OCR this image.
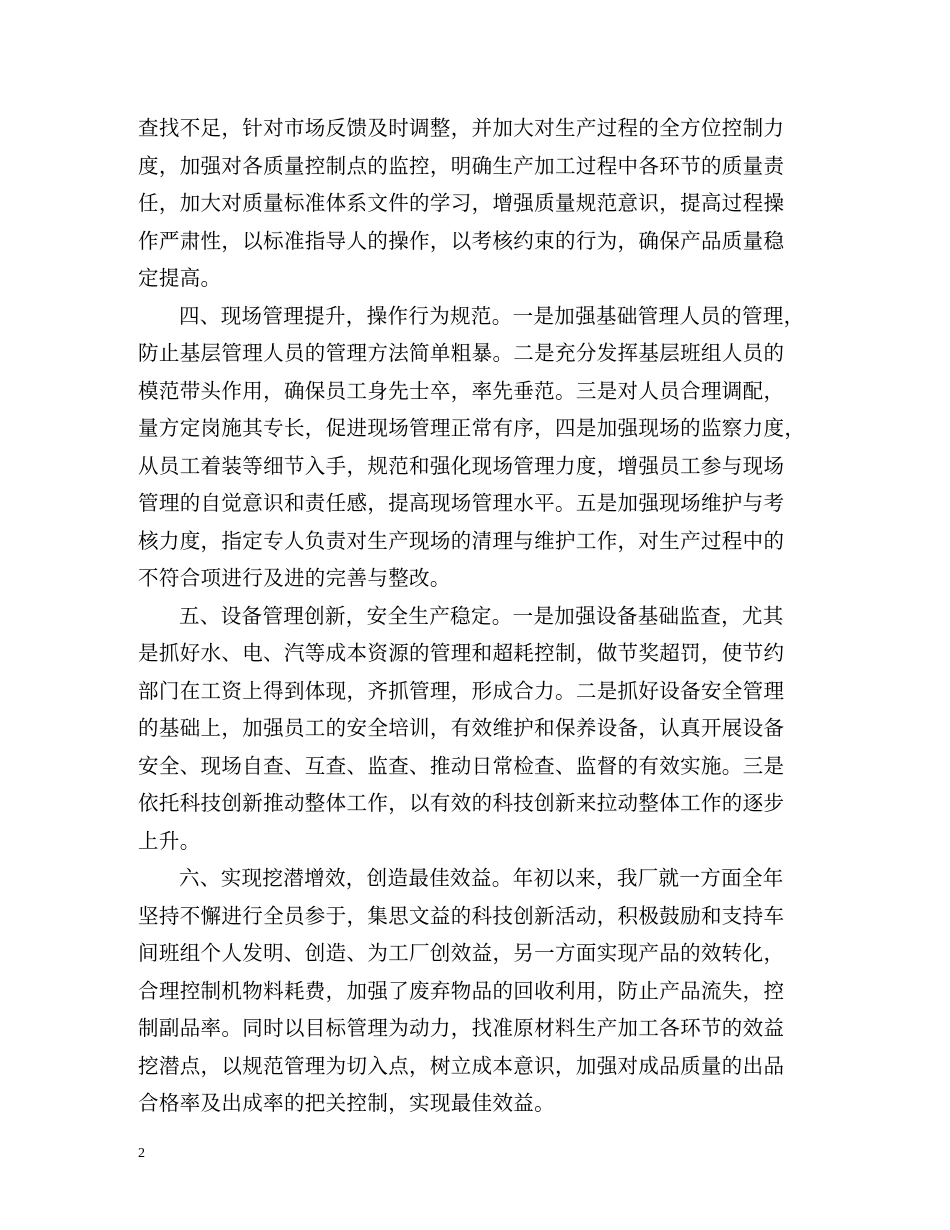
查找不足，针对市场反馈及时调整，并加大对生产过程的全方位控制力
度，加强对各质量控制点的监控，明确生产加工过程中各环节的质量责
任，加大对质量标准体系文件的学习，增强质量规范意识，提高过程操
作严肃性，以标准指导人的操作，以考核约束的行为，确保产品质量稳
定提高。
四、现场管理提升，操作行为规范。一是加强基础管理人员的管理，
防止基层管理人员的管理方法简单粗暴。二是充分发挥基层班组人员的
模范带头作用，确保员工身先士卒，率先垂范。三是对人员合理调配，
量方定岗施其专长，促进现场管理正常有序，四是加强现场的监察力度，
从员工着装等细节入手，规范和强化现场管理力度，增强员工参与现场
管理的自觉意识和责任感，提高现场管理水平。五是加强现场维护与考
核力度，指定专人负责对生产现场的清理与维护工作，对生产过程中的
不符合项进行及进的完善与整改。
五、设备管理创新，安全生产稳定。一是加强设备基础监查，尤其
是抓好水、电、汽等成本资源的管理和超耗控制，做节奖超罚，使节约
部门在工资上得到体现，齐抓管理，形成合力。二是抓好设备安全管理
的基础上，加强员工的安全培训，有效维护和保养设备，认真开展设备
安全、现场自查、互查、监查、推动日常检查、监督的有效实施。三是
依托科技创新推动整体工作，以有效的科技创新来拉动整体工作的逐步
上升。
六、实现挖潜增效，创造最佳效益。年初以来，我厂就一方面全年
坚持不懈进行全员参于，集思文益的科技创新活动，积极鼓励和支持车
间班组个人发明、创造、为工厂创效益，另一方面实现产品的效转化，
合理控制机物料耗费，加强了废弃物品的回收利用，防止产品流失，控
制副品率。同时以目标管理为动力，找准原材料生产加工各环节的效益
挖潜点，以规范管理为切入点，树立成本意识，加强对成品质量的出品
合格率及出成率的把关控制，实现最佳效益。
2
